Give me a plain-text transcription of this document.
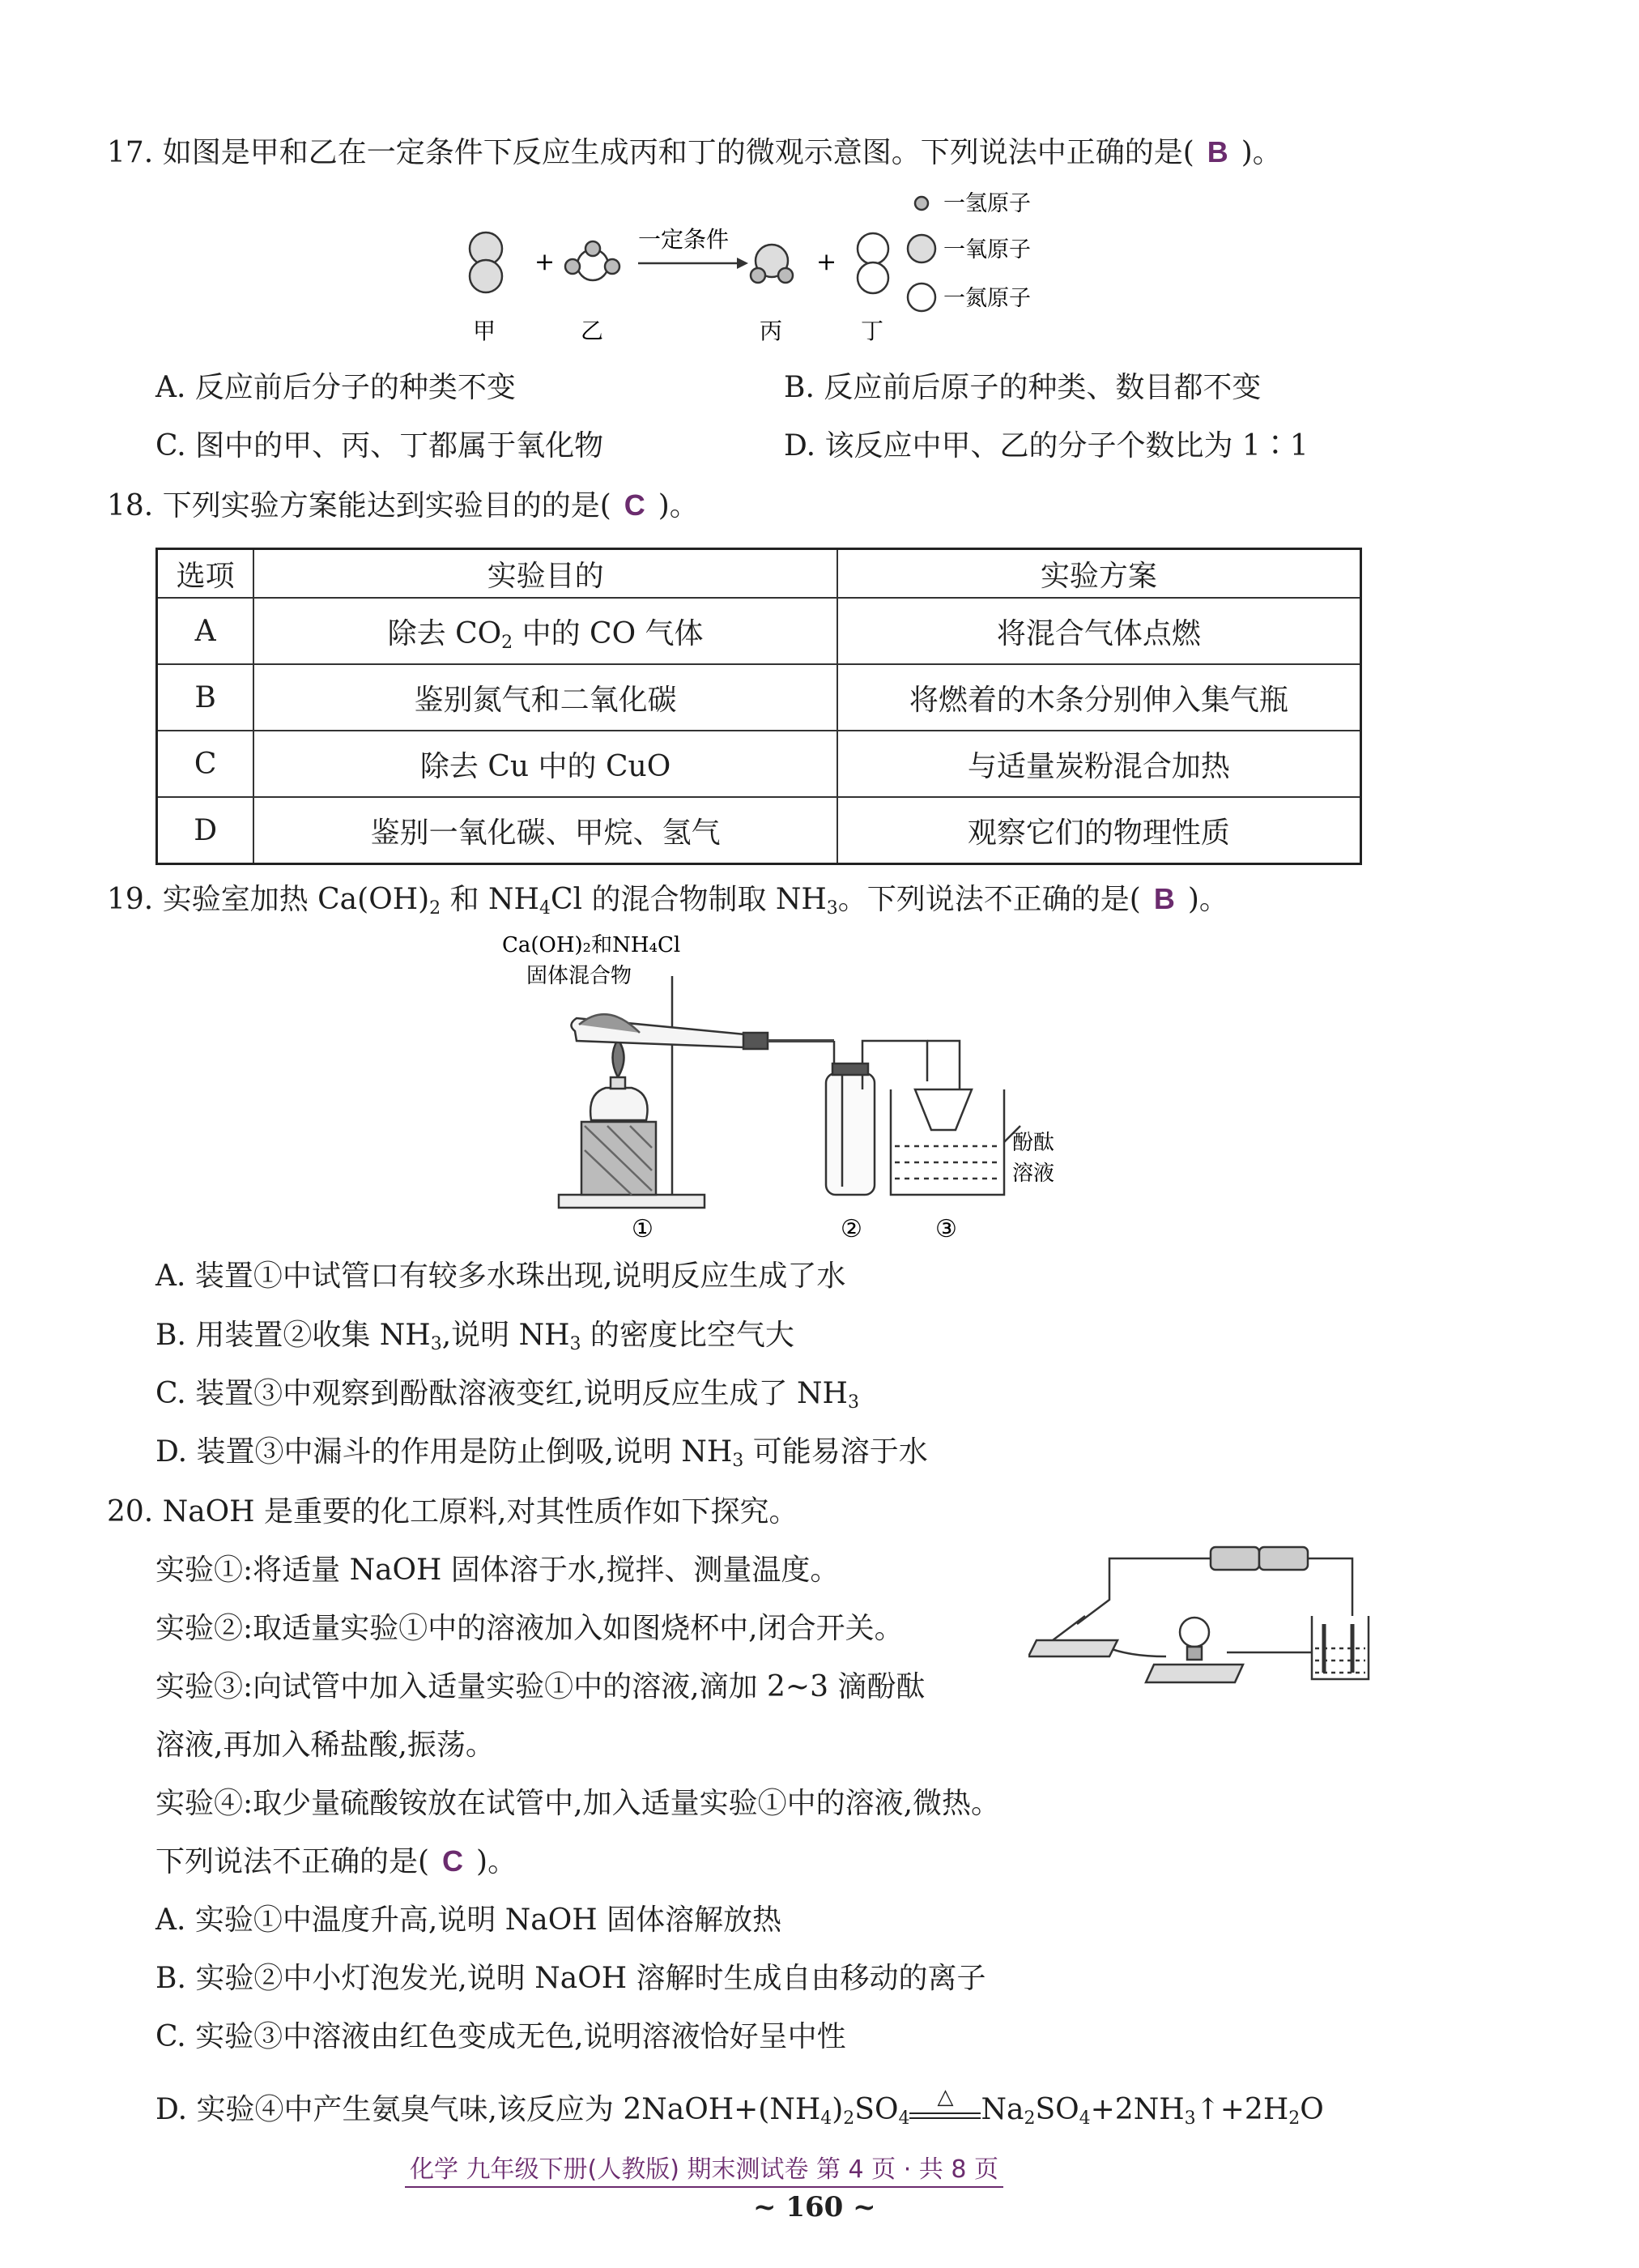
17. 如图是甲和乙在一定条件下反应生成丙和丁的微观示意图。下列说法中正确的是( B )。
+	+
一定条件
甲	乙	丙	丁
一氢原子
一氧原子
一氮原子
A. 反应前后分子的种类不变	B. 反应前后原子的种类、数目都不变
C. 图中的甲、丙、丁都属于氧化物	D. 该反应中甲、乙的分子个数比为 1∶1
18. 下列实验方案能达到实验目的的是( C )。
选项	实验目的	实验方案
A	除去 $CO_2$ 中的 CO 气体	将混合气体点燃
B	鉴别氮气和二氧化碳	将燃着的木条分别伸入集气瓶
C	除去 Cu 中的 CuO	与适量炭粉混合加热
D	鉴别一氧化碳、甲烷、氢气	观察它们的物理性质
19. 实验室加热 $Ca(OH)_2$ 和 $NH_4Cl$ 的混合物制取 $NH_3$。下列说法不正确的是( B )。
Ca(OH)₂和NH₄Cl
固体混合物
酚酞
溶液
①	②	③
A. 装置①中试管口有较多水珠出现,说明反应生成了水
B. 用装置②收集 $NH_3$,说明 $NH_3$ 的密度比空气大
C. 装置③中观察到酚酞溶液变红,说明反应生成了 $NH_3$
D. 装置③中漏斗的作用是防止倒吸,说明 $NH_3$ 可能易溶于水
20. NaOH 是重要的化工原料,对其性质作如下探究。
实验①:将适量 NaOH 固体溶于水,搅拌、测量温度。
实验②:取适量实验①中的溶液加入如图烧杯中,闭合开关。
实验③:向试管中加入适量实验①中的溶液,滴加 2~3 滴酚酞
溶液,再加入稀盐酸,振荡。
实验④:取少量硫酸铵放在试管中,加入适量实验①中的溶液,微热。
下列说法不正确的是( C )。
A. 实验①中温度升高,说明 NaOH 固体溶解放热
B. 实验②中小灯泡发光,说明 NaOH 溶解时生成自由移动的离子
C. 实验③中溶液由红色变成无色,说明溶液恰好呈中性
D. 实验④中产生氨臭气味,该反应为 $2NaOH+(NH_4)_2SO_4$
△ $Na_2SO_4+2NH_3↑+2H_2O$
化学 九年级下册(人教版) 期末测试卷 第 4 页 · 共 8 页
~ 160 ~
